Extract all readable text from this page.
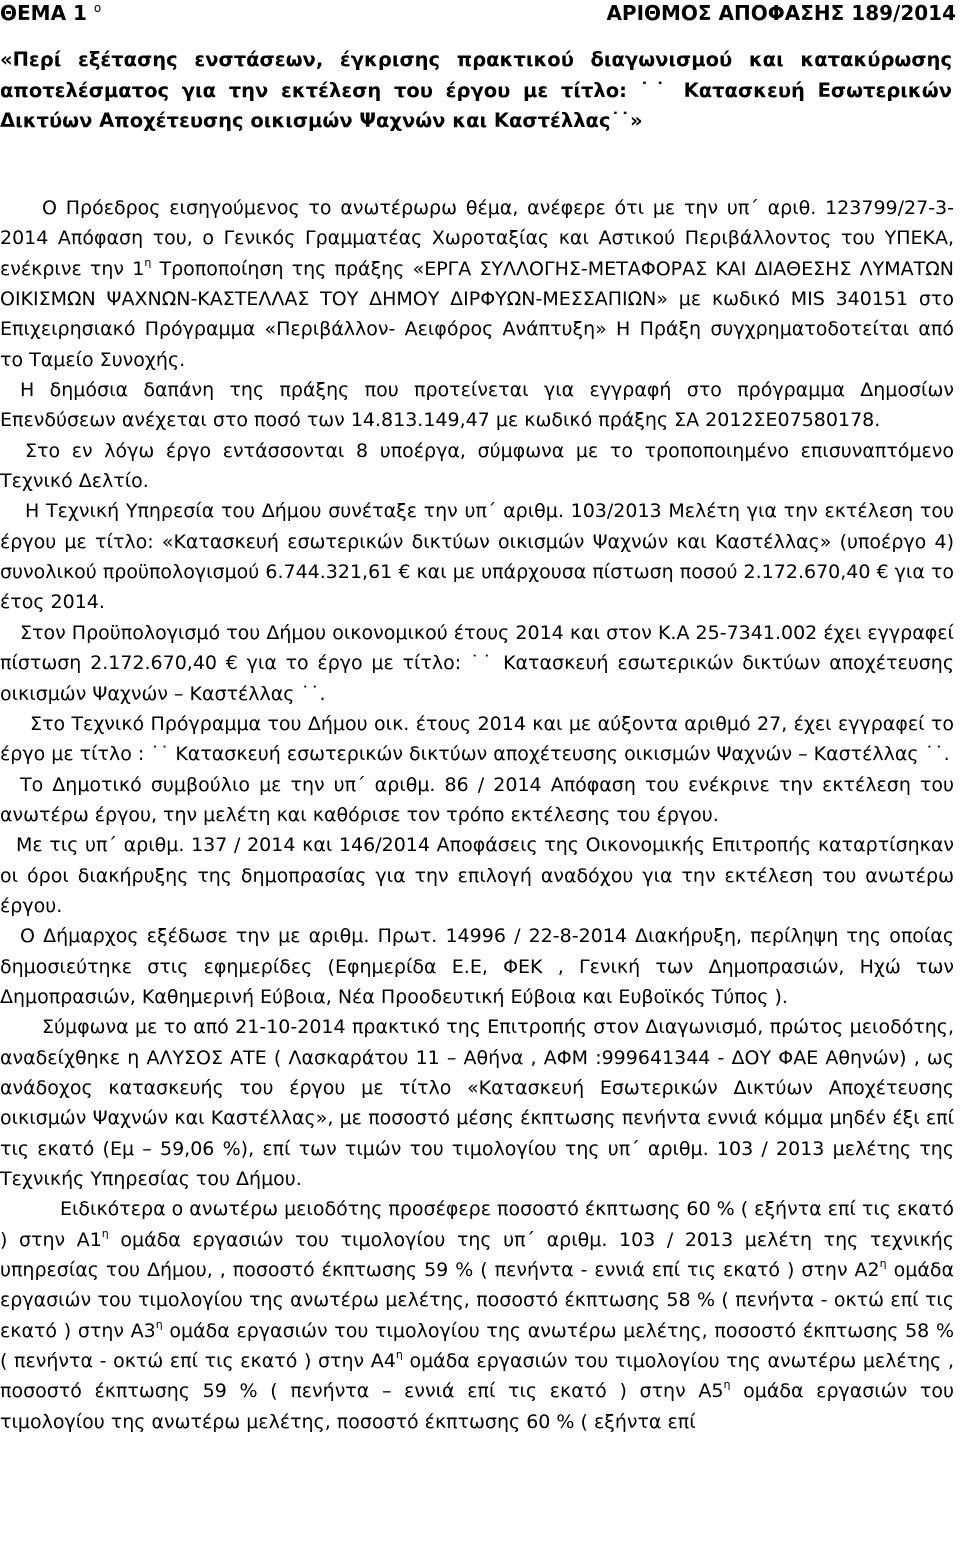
ΘΕΜΑ 1 $^o$	ΑΡΙΘΜΟΣ ΑΠΟΦΑΣΗΣ 189/2014
«Περί εξέτασης ενστάσεων, έγκρισης πρακτικού διαγωνισμού και κατακύρωσης αποτελέσματος για την εκτέλεση του έργου με τίτλο: ˙˙ Κατασκευή Εσωτερικών Δικτύων Αποχέτευσης οικισμών Ψαχνών και Καστέλλας˙˙»

Ο Πρόεδρος εισηγούμενος το ανωτέρωρω θέμα, ανέφερε ότι με την υπ΄ αριθ. 123799/27-3-2014 Απόφαση του, ο Γενικός Γραμματέας Χωροταξίας και Αστικού Περιβάλλοντος του ΥΠΕΚΑ, ενέκρινε την $1^\eta$ Τροποποίηση της πράξης «ΕΡΓΑ ΣΥΛΛΟΓΗΣ-ΜΕΤΑΦΟΡΑΣ ΚΑΙ ΔΙΑΘΕΣΗΣ ΛΥΜΑΤΩΝ ΟΙΚΙΣΜΩΝ ΨΑΧΝΩΝ-ΚΑΣΤΕΛΛΑΣ ΤΟΥ ΔΗΜΟΥ ΔΙΡΦΥΩΝ-ΜΕΣΣΑΠΙΩΝ» με κωδικό MIS 340151 στο Επιχειρησιακό Πρόγραμμα «Περιβάλλον- Αειφόρος Ανάπτυξη» Η Πράξη συγχρηματοδοτείται από το Ταμείο Συνοχής.

Η δημόσια δαπάνη της πράξης που προτείνεται για εγγραφή στο πρόγραμμα Δημοσίων Επενδύσεων ανέχεται στο ποσό των 14.813.149,47 με κωδικό πράξης ΣΑ 2012ΣΕ07580178.

Στο εν λόγω έργο εντάσσονται 8 υποέργα, σύμφωνα με το τροποποιημένο επισυναπτόμενο Τεχνικό Δελτίο.

Η Τεχνική Υπηρεσία του Δήμου συνέταξε την υπ΄ αριθμ. 103/2013 Μελέτη για την εκτέλεση του έργου με τίτλο: «Κατασκευή εσωτερικών δικτύων οικισμών Ψαχνών και Καστέλλας» (υποέργο 4) συνολικού προϋπολογισμού 6.744.321,61 € και με υπάρχουσα πίστωση ποσού 2.172.670,40 € για το έτος 2014.

Στον Προϋπολογισμό του Δήμου οικονομικού έτους 2014 και στον Κ.Α 25-7341.002 έχει εγγραφεί πίστωση 2.172.670,40 € για το έργο με τίτλο: ˙˙ Κατασκευή εσωτερικών δικτύων αποχέτευσης οικισμών Ψαχνών – Καστέλλας ˙˙.

Στο Τεχνικό Πρόγραμμα του Δήμου οικ. έτους 2014 και με αύξοντα αριθμό 27, έχει εγγραφεί το έργο με τίτλο : ˙˙ Κατασκευή εσωτερικών δικτύων αποχέτευσης οικισμών Ψαχνών – Καστέλλας ˙˙.

Το Δημοτικό συμβούλιο με την υπ΄ αριθμ. 86 / 2014 Απόφαση του ενέκρινε την εκτέλεση του ανωτέρω έργου, την μελέτη και καθόρισε τον τρόπο εκτέλεσης του έργου.

Με τις υπ΄ αριθμ. 137 / 2014 και 146/2014 Αποφάσεις της Οικονομικής Επιτροπής καταρτίσηκαν οι όροι διακήρυξης της δημοπρασίας για την επιλογή αναδόχου για την εκτέλεση του ανωτέρω έργου.

Ο Δήμαρχος εξέδωσε την με αριθμ. Πρωτ. 14996 / 22-8-2014 Διακήρυξη, περίληψη της οποίας δημοσιεύτηκε στις εφημερίδες (Εφημερίδα Ε.Ε, ΦΕΚ , Γενική των Δημοπρασιών, Ηχώ των Δημοπρασιών, Καθημερινή Εύβοια, Νέα Προοδευτική Εύβοια και Ευβοϊκός Τύπος ).

Σύμφωνα με το από 21-10-2014 πρακτικό της Επιτροπής στον Διαγωνισμό, πρώτος μειοδότης, αναδείχθηκε η ΑΛΥΣΟΣ ΑΤΕ ( Λασκαράτου 11 – Αθήνα , ΑΦΜ :999641344 - ΔΟΥ ΦΑΕ Αθηνών) , ως ανάδοχος κατασκευής του έργου με τίτλο «Κατασκευή Εσωτερικών Δικτύων Αποχέτευσης οικισμών Ψαχνών και Καστέλλας», με ποσοστό μέσης έκπτωσης πενήντα εννιά κόμμα μηδέν έξι επί τις εκατό (Εμ – 59,06 %), επί των τιμών του τιμολογίου της υπ΄ αριθμ. 103 / 2013 μελέτης της Τεχνικής Υπηρεσίας του Δήμου.

Ειδικότερα ο ανωτέρω μειοδότης προσέφερε ποσοστό έκπτωσης 60 % ( εξήντα επί τις εκατό ) στην $A1^\eta$ ομάδα εργασιών του τιμολογίου της υπ΄ αριθμ. 103 / 2013 μελέτη της τεχνικής υπηρεσίας του Δήμου, , ποσοστό έκπτωσης 59 % ( πενήντα - εννιά επί τις εκατό ) στην $A2^\eta$ ομάδα εργασιών του τιμολογίου της ανωτέρω μελέτης, ποσοστό έκπτωσης 58 % ( πενήντα - οκτώ επί τις εκατό ) στην $A3^\eta$ ομάδα εργασιών του τιμολογίου της ανωτέρω μελέτης, ποσοστό έκπτωσης 58 % ( πενήντα - οκτώ επί τις εκατό ) στην $A4^\eta$ ομάδα εργασιών του τιμολογίου της ανωτέρω μελέτης , ποσοστό έκπτωσης 59 % ( πενήντα – εννιά επί τις εκατό ) στην $A5^\eta$ ομάδα εργασιών του τιμολογίου της ανωτέρω μελέτης, ποσοστό έκπτωσης 60 % ( εξήντα επί
